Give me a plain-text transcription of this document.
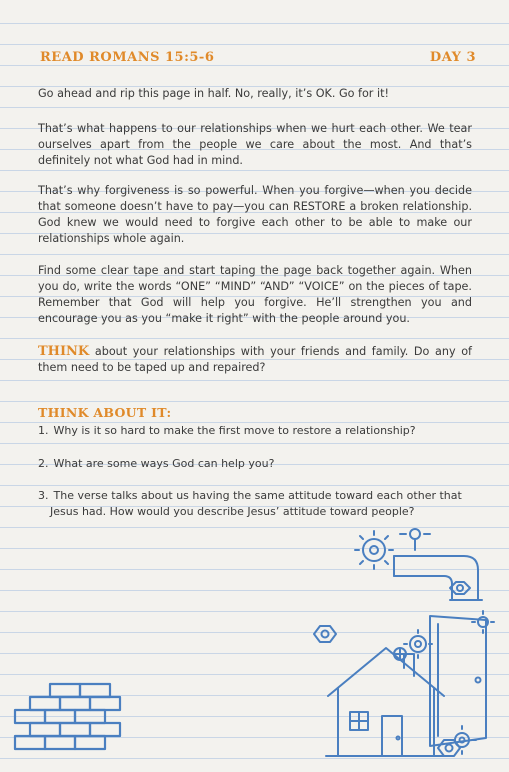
READ ROMANS 15:5-6	DAY 3

Go ahead and rip this page in half. No, really, it’s OK. Go for it!

That’s what happens to our relationships when we hurt each other. We tear ourselves apart from the people we care about the most. And that’s definitely not what God had in mind.

That’s why forgiveness is so powerful. When you forgive—when you decide that someone doesn’t have to pay—you can RESTORE a broken relationship. God knew we would need to forgive each other to be able to make our relationships whole again.

Find some clear tape and start taping the page back together again. When you do, write the words “ONE” “MIND” “AND” “VOICE” on the pieces of tape. Remember that God will help you forgive. He’ll strengthen you and encourage you as you “make it right” with the people around you.

THINK about your relationships with your friends and family. Do any of them need to be taped up and repaired?

THINK ABOUT IT:
1. Why is it so hard to make the first move to restore a relationship?
2. What are some ways God can help you?
3. The verse talks about us having the same attitude toward each other that
Jesus had. How would you describe Jesus’ attitude toward people?
